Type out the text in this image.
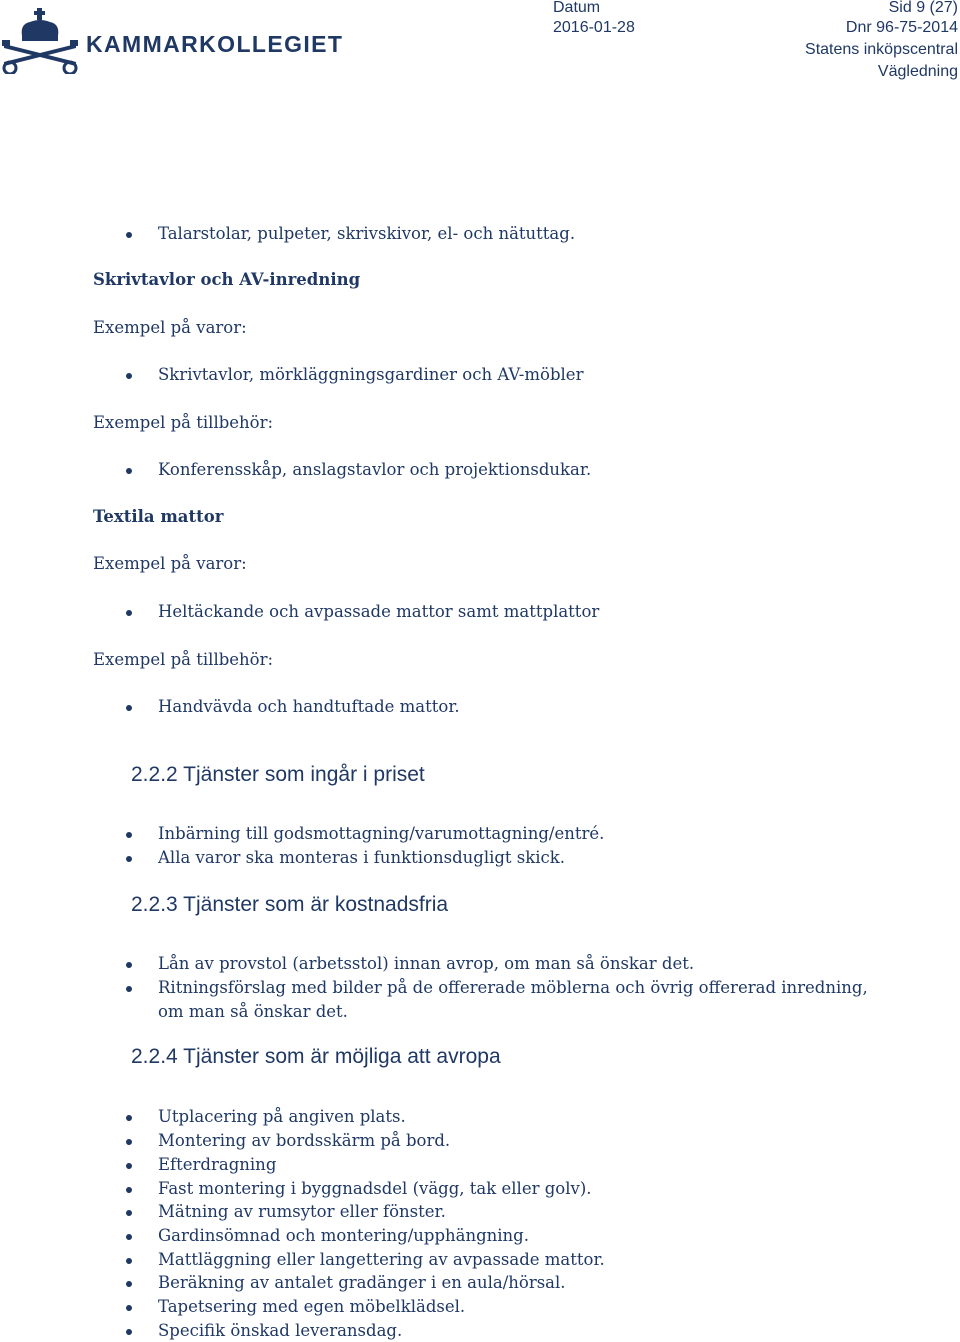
KAMMARKOLLEGIET
Datum
2016-01-28
Sid 9 (27)
Dnr 96-75-2014
Statens inköpscentral
Vägledning
Talarstolar, pulpeter, skrivskivor, el- och nätuttag.
Skrivtavlor och AV-inredning
Exempel på varor:
Skrivtavlor, mörkläggningsgardiner och AV-möbler
Exempel på tillbehör:
Konferensskåp, anslagstavlor och projektionsdukar.
Textila mattor
Exempel på varor:
Heltäckande och avpassade mattor samt mattplattor
Exempel på tillbehör:
Handvävda och handtuftade mattor.
2.2.2 Tjänster som ingår i priset
Inbärning till godsmottagning/varumottagning/entré.
Alla varor ska monteras i funktionsdugligt skick.
2.2.3 Tjänster som är kostnadsfria
Lån av provstol (arbetsstol) innan avrop, om man så önskar det.
Ritningsförslag med bilder på de offererade möblerna och övrig offererad inredning,
om man så önskar det.
2.2.4 Tjänster som är möjliga att avropa
Utplacering på angiven plats.
Montering av bordsskärm på bord.
Efterdragning
Fast montering i byggnadsdel (vägg, tak eller golv).
Mätning av rumsytor eller fönster.
Gardinsömnad och montering/upphängning.
Mattläggning eller langettering av avpassade mattor.
Beräkning av antalet gradänger i en aula/hörsal.
Tapetsering med egen möbelklädsel.
Specifik önskad leveransdag.
